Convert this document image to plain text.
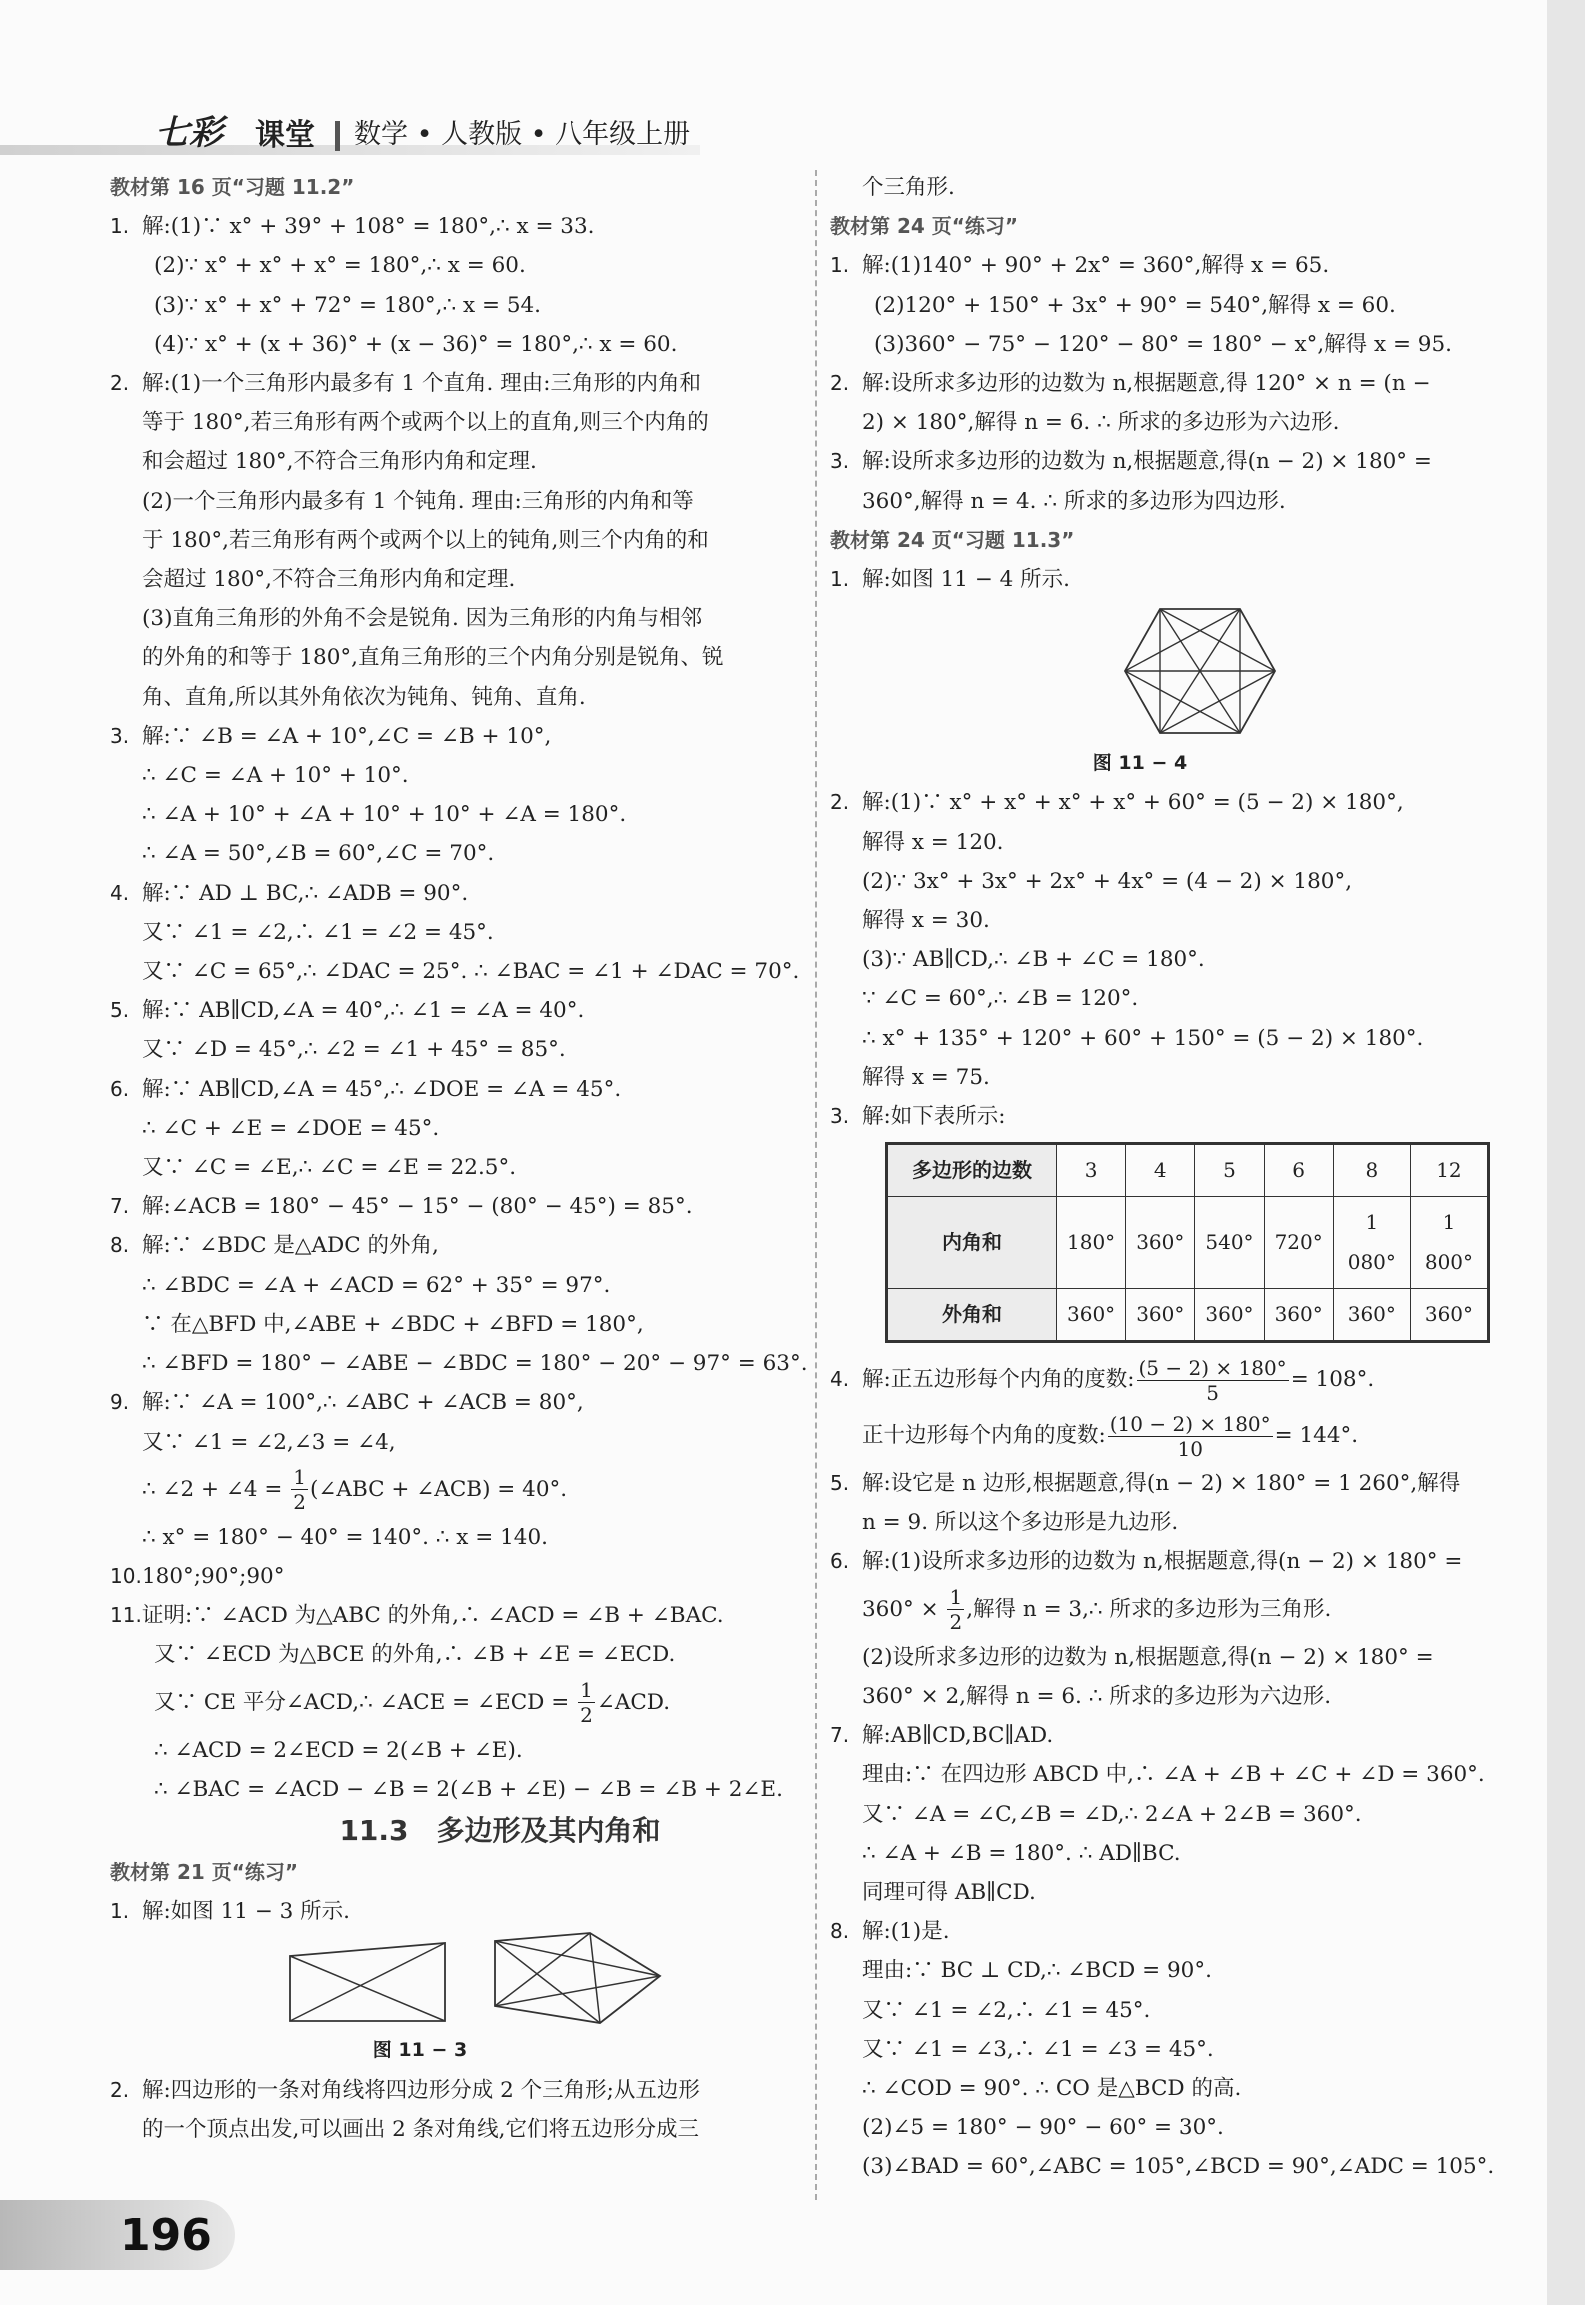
七彩 课堂	数学 • 人教版 • 八年级上册
教材第 16 页“习题 11.2”
1. 解:(1)∵ x° + 39° + 108° = 180°,∴ x = 33.
(2)∵ x° + x° + x° = 180°,∴ x = 60.
(3)∵ x° + x° + 72° = 180°,∴ x = 54.
(4)∵ x° + (x + 36)° + (x − 36)° = 180°,∴ x = 60.
2. 解:(1)一个三角形内最多有 1 个直角. 理由:三角形的内角和
等于 180°,若三角形有两个或两个以上的直角,则三个内角的
和会超过 180°,不符合三角形内角和定理.
(2)一个三角形内最多有 1 个钝角. 理由:三角形的内角和等
于 180°,若三角形有两个或两个以上的钝角,则三个内角的和
会超过 180°,不符合三角形内角和定理.
(3)直角三角形的外角不会是锐角. 因为三角形的内角与相邻
的外角的和等于 180°,直角三角形的三个内角分别是锐角、锐
角、直角,所以其外角依次为钝角、钝角、直角.
3. 解:∵ ∠B = ∠A + 10°,∠C = ∠B + 10°,
∴ ∠C = ∠A + 10° + 10°.
∴ ∠A + 10° + ∠A + 10° + 10° + ∠A = 180°.
∴ ∠A = 50°,∠B = 60°,∠C = 70°.
4. 解:∵ AD ⊥ BC,∴ ∠ADB = 90°.
又∵ ∠1 = ∠2,∴ ∠1 = ∠2 = 45°.
又∵ ∠C = 65°,∴ ∠DAC = 25°. ∴ ∠BAC = ∠1 + ∠DAC = 70°.
5. 解:∵ AB∥CD,∠A = 40°,∴ ∠1 = ∠A = 40°.
又∵ ∠D = 45°,∴ ∠2 = ∠1 + 45° = 85°.
6. 解:∵ AB∥CD,∠A = 45°,∴ ∠DOE = ∠A = 45°.
∴ ∠C + ∠E = ∠DOE = 45°.
又∵ ∠C = ∠E,∴ ∠C = ∠E = 22.5°.
7. 解:∠ACB = 180° − 45° − 15° − (80° − 45°) = 85°.
8. 解:∵ ∠BDC 是△ADC 的外角,
∴ ∠BDC = ∠A + ∠ACD = 62° + 35° = 97°.
∵ 在△BFD 中,∠ABE + ∠BDC + ∠BFD = 180°,
∴ ∠BFD = 180° − ∠ABE − ∠BDC = 180° − 20° − 97° = 63°.
9. 解:∵ ∠A = 100°,∴ ∠ABC + ∠ACB = 80°,
又∵ ∠1 = ∠2,∠3 = ∠4,
∴ ∠2 + ∠4 = $\frac{1}{2}$ (∠ABC + ∠ACB) = 40°.
∴ x° = 180° − 40° = 140°. ∴ x = 140.
10.180°;90°;90°
11.证明:∵ ∠ACD 为△ABC 的外角,∴ ∠ACD = ∠B + ∠BAC.
又∵ ∠ECD 为△BCE 的外角,∴ ∠B + ∠E = ∠ECD.
又∵ CE 平分∠ACD,∴ ∠ACE = ∠ECD = $\frac{1}{2}$ ∠ACD.
∴ ∠ACD = 2∠ECD = 2(∠B + ∠E).
∴ ∠BAC = ∠ACD − ∠B = 2(∠B + ∠E) − ∠B = ∠B + 2∠E.
11.3　多边形及其内角和
教材第 21 页“练习”
1. 解:如图 11 − 3 所示.
图 11 − 3
2. 解:四边形的一条对角线将四边形分成 2 个三角形;从五边形
的一个顶点出发,可以画出 2 条对角线,它们将五边形分成三
个三角形.
教材第 24 页“练习”
1. 解:(1)140° + 90° + 2x° = 360°,解得 x = 65.
(2)120° + 150° + 3x° + 90° = 540°,解得 x = 60.
(3)360° − 75° − 120° − 80° = 180° − x°,解得 x = 95.
2. 解:设所求多边形的边数为 n,根据题意,得 120° × n = (n −
2) × 180°,解得 n = 6. ∴ 所求的多边形为六边形.
3. 解:设所求多边形的边数为 n,根据题意,得(n − 2) × 180° =
360°,解得 n = 4. ∴ 所求的多边形为四边形.
教材第 24 页“习题 11.3”
1. 解:如图 11 − 4 所示.
图 11 − 4
2. 解:(1)∵ x° + x° + x° + x° + 60° = (5 − 2) × 180°,
解得 x = 120.
(2)∵ 3x° + 3x° + 2x° + 4x° = (4 − 2) × 180°,
解得 x = 30.
(3)∵ AB∥CD,∴ ∠B + ∠C = 180°.
∵ ∠C = 60°,∴ ∠B = 120°.
∴ x° + 135° + 120° + 60° + 150° = (5 − 2) × 180°.
解得 x = 75.
3. 解:如下表所示:
多边形的边数	3	4	5	6	8	12
内角和	180°	360°	540°	720°	1 080°	1 800°
外角和	360°	360°	360°	360°	360°	360°
4. 解:正五边形每个内角的度数: $\frac{(5 - 2) \times 180^\circ}{5} = 108^\circ$.
正十边形每个内角的度数: $\frac{(10 - 2) \times 180^\circ}{10} = 144^\circ$.
5. 解:设它是 n 边形,根据题意,得(n − 2) × 180° = 1 260°,解得
n = 9. 所以这个多边形是九边形.
6. 解:(1)设所求多边形的边数为 n,根据题意,得(n − 2) × 180° =
$360^\circ \times \frac{1}{2}$ ,解得 n = 3,∴ 所求的多边形为三角形.
(2)设所求多边形的边数为 n,根据题意,得(n − 2) × 180° =
360° × 2,解得 n = 6. ∴ 所求的多边形为六边形.
7. 解:AB∥CD,BC∥AD.
理由:∵ 在四边形 ABCD 中,∴ ∠A + ∠B + ∠C + ∠D = 360°.
又∵ ∠A = ∠C,∠B = ∠D,∴ 2∠A + 2∠B = 360°.
∴ ∠A + ∠B = 180°. ∴ AD∥BC.
同理可得 AB∥CD.
8. 解:(1)是.
理由:∵ BC ⊥ CD,∴ ∠BCD = 90°.
又∵ ∠1 = ∠2,∴ ∠1 = 45°.
又∵ ∠1 = ∠3,∴ ∠1 = ∠3 = 45°.
∴ ∠COD = 90°. ∴ CO 是△BCD 的高.
(2)∠5 = 180° − 90° − 60° = 30°.
(3)∠BAD = 60°,∠ABC = 105°,∠BCD = 90°,∠ADC = 105°.
196
